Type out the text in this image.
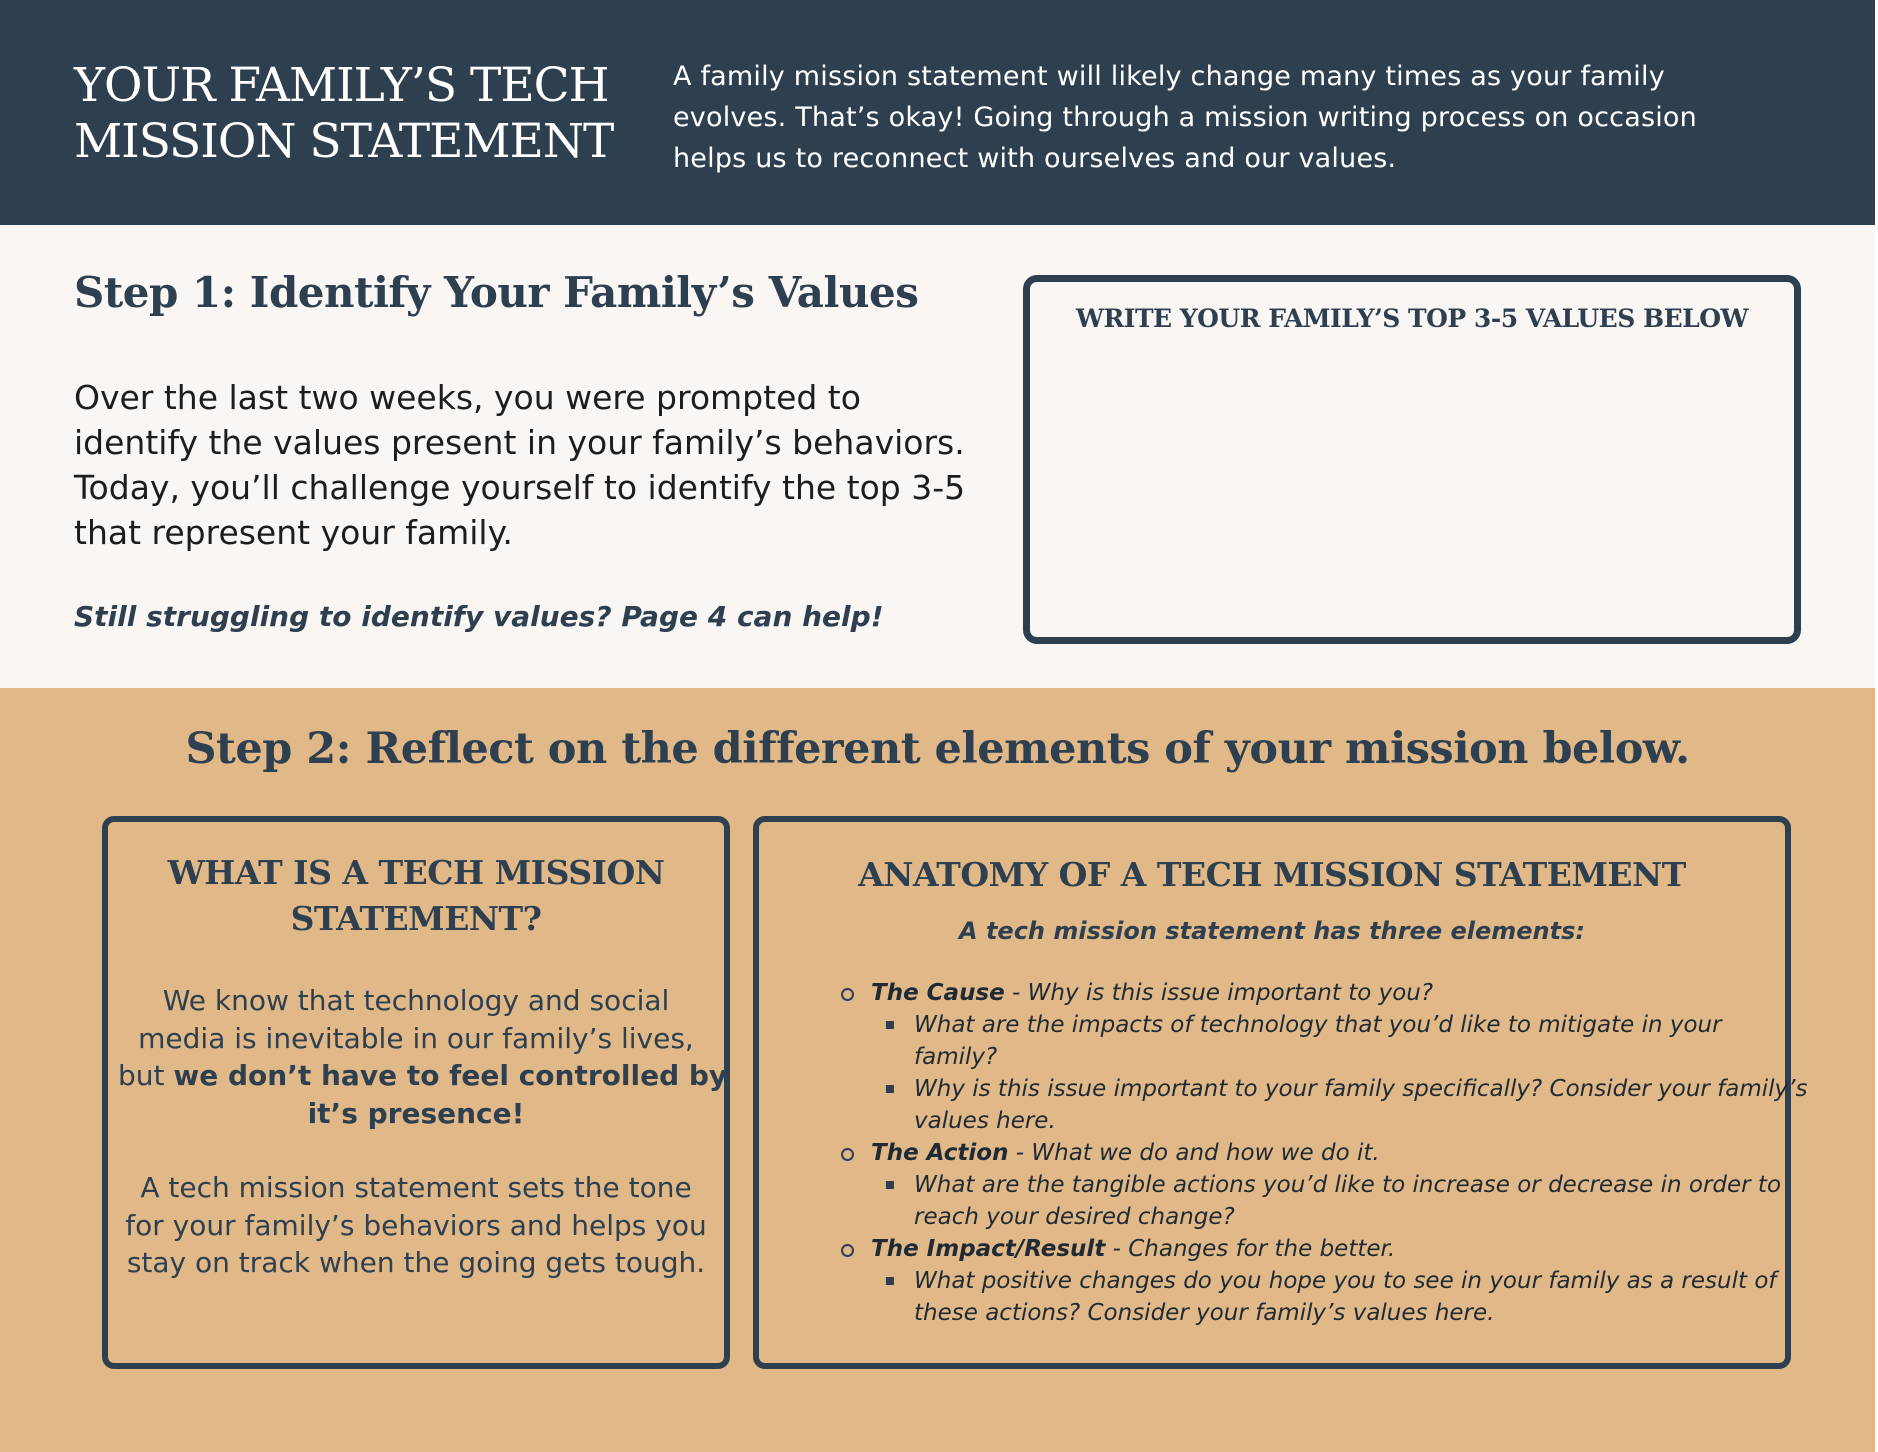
YOUR FAMILY’S TECH
MISSION STATEMENT

A family mission statement will likely change many times as your family
evolves. That’s okay! Going through a mission writing process on occasion
helps us to reconnect with ourselves and our values.

Step 1: Identify Your Family’s Values

Over the last two weeks, you were prompted to
identify the values present in your family’s behaviors.
Today, you’ll challenge yourself to identify the top 3-5
that represent your family.

Still struggling to identify values? Page 4 can help!

WRITE YOUR FAMILY’S TOP 3-5 VALUES BELOW

Step 2: Reflect on the different elements of your mission below.
WHAT IS A TECH MISSION
STATEMENT?
We know that technology and social
media is inevitable in our family’s lives,
but we don’t have to feel controlled by
it’s presence!
A tech mission statement sets the tone
for your family’s behaviors and helps you
stay on track when the going gets tough.
ANATOMY OF A TECH MISSION STATEMENT

A tech mission statement has three elements:

The Cause - Why is this issue important to you?
What are the impacts of technology that you’d like to mitigate in your
family?
Why is this issue important to your family specifically? Consider your family’s
values here.
The Action - What we do and how we do it.
What are the tangible actions you’d like to increase or decrease in order to
reach your desired change?
The Impact/Result - Changes for the better.
What positive changes do you hope you to see in your family as a result of
these actions? Consider your family’s values here.
